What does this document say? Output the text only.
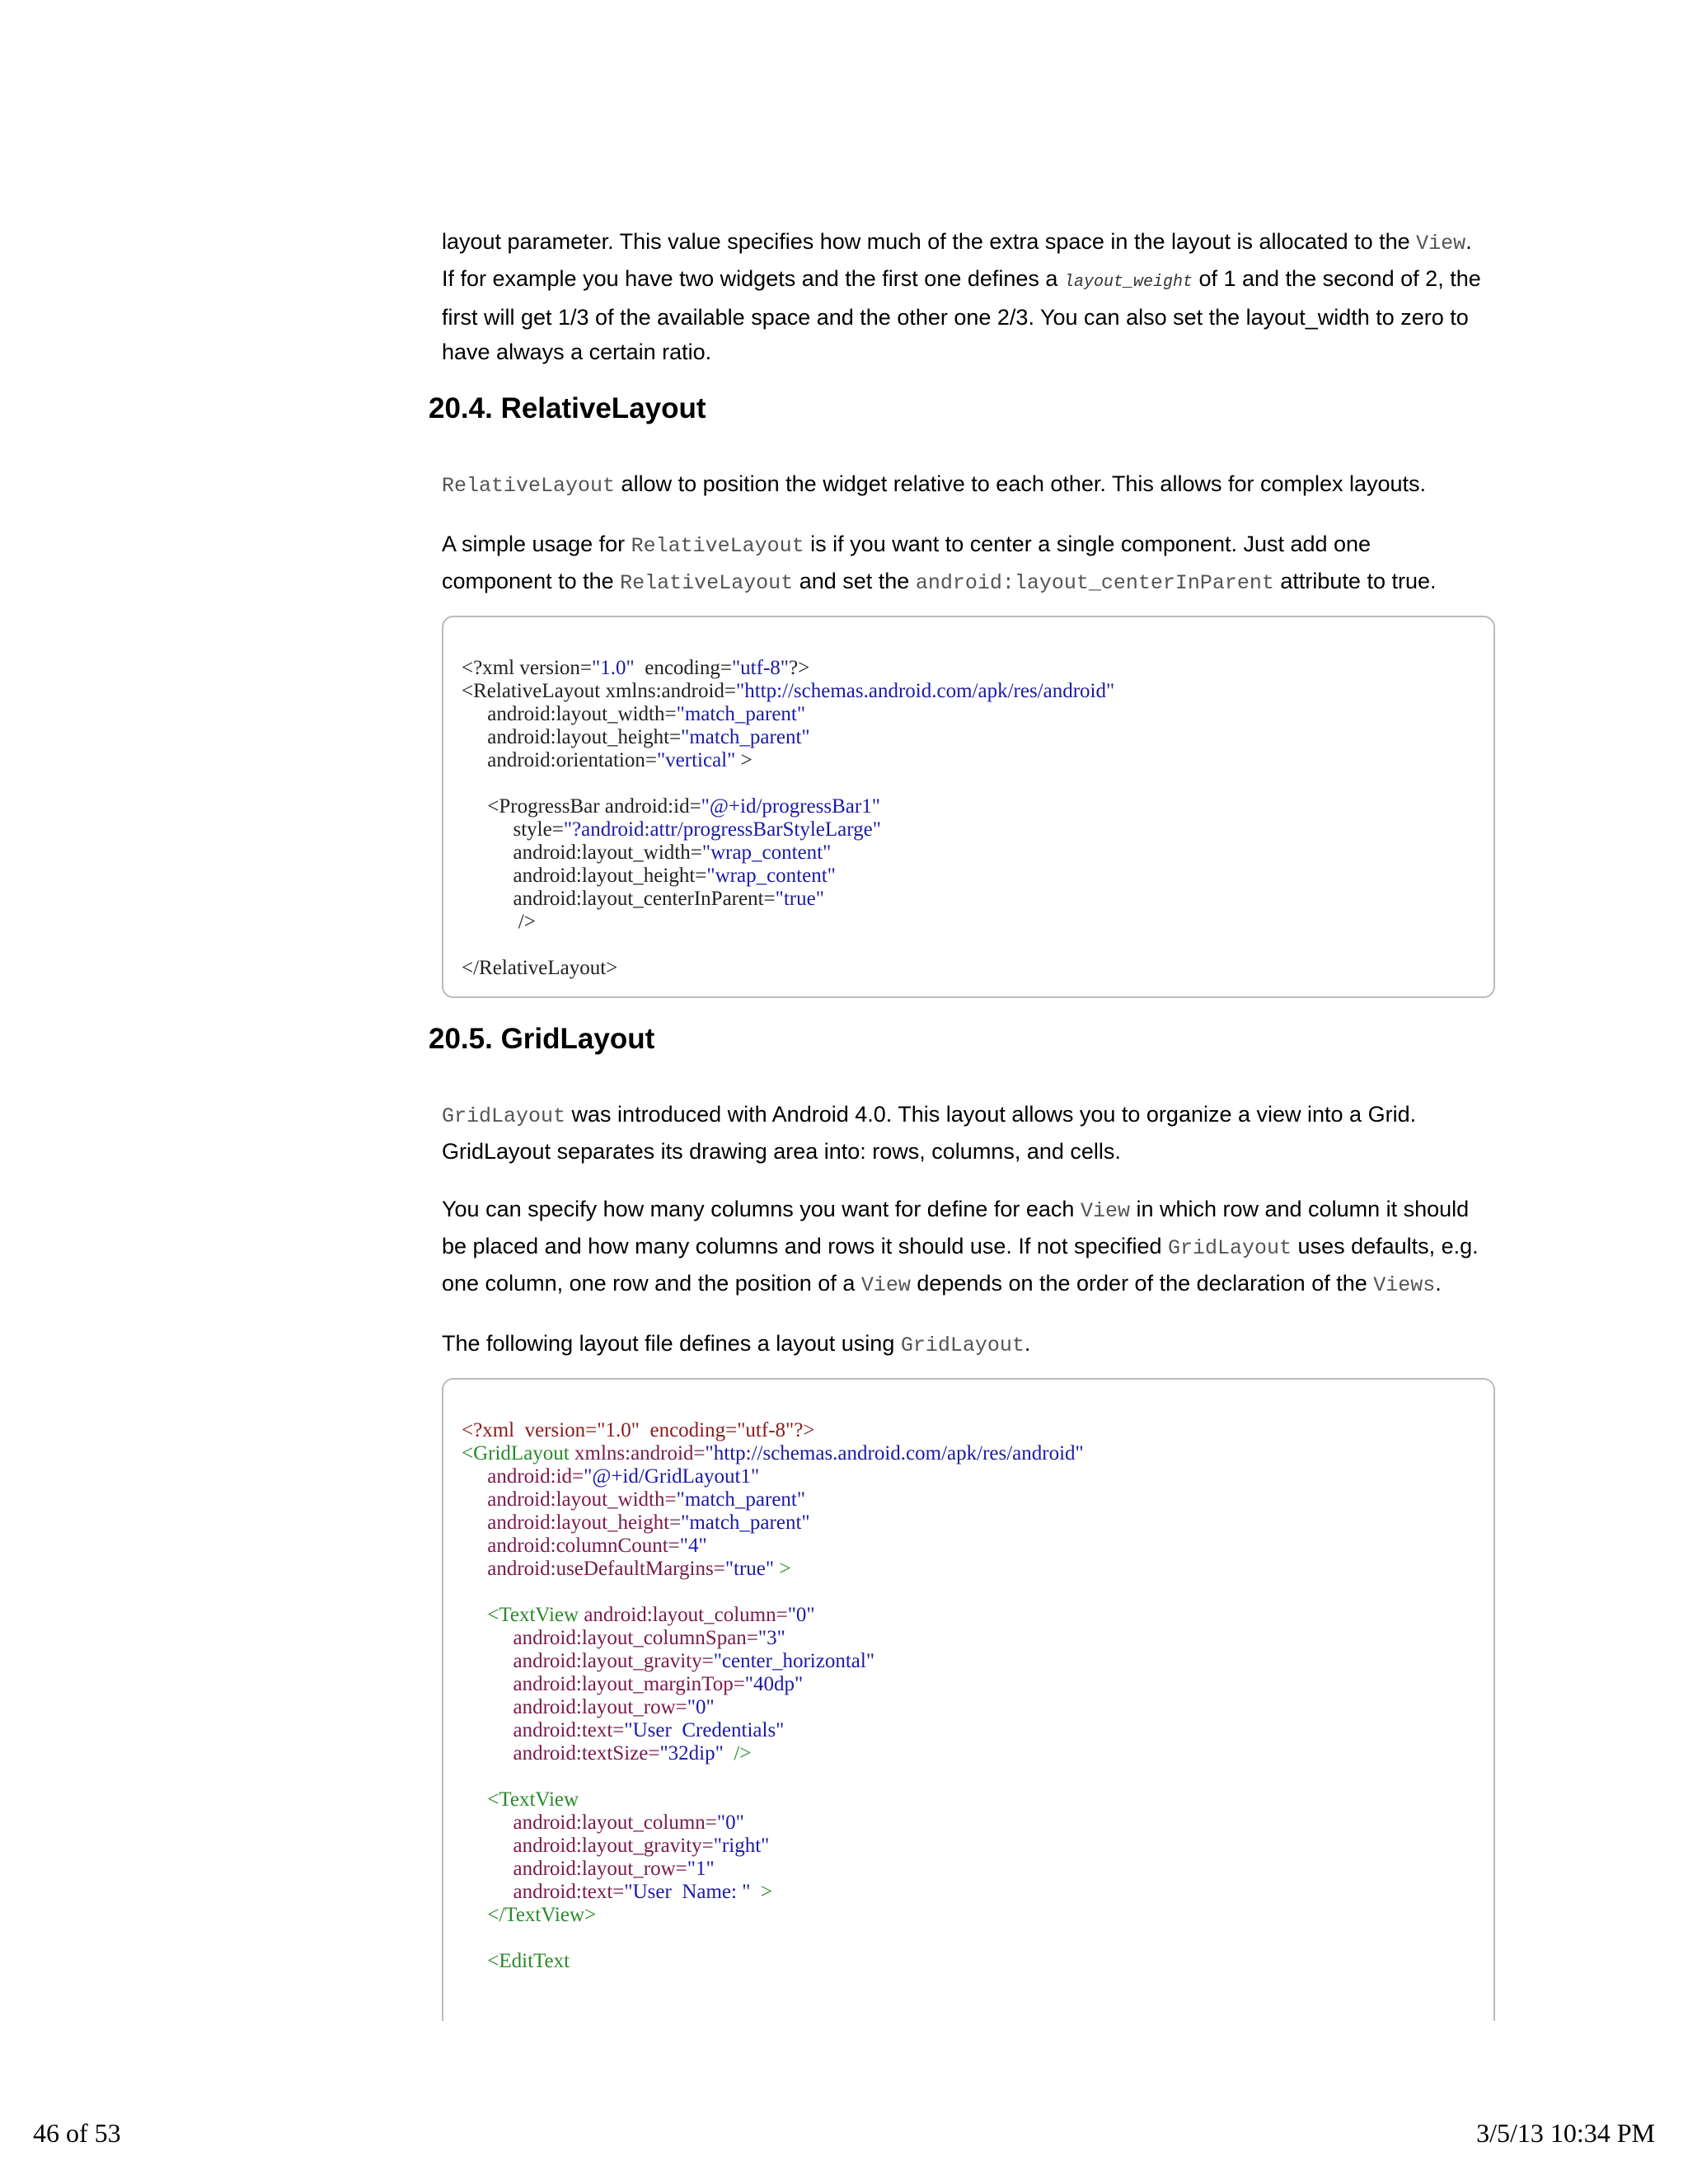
layout parameter. This value specifies how much of the extra space in the layout is allocated to the View. If for example you have two widgets and the first one defines a layout_weight of 1 and the second of 2, the first will get 1/3 of the available space and the other one 2/3. You can also set the layout_width to zero to have always a certain ratio.

20.4. RelativeLayout

RelativeLayout allow to position the widget relative to each other. This allows for complex layouts.

A simple usage for RelativeLayout is if you want to center a single component. Just add one component to the RelativeLayout and set the android:layout_centerInParent attribute to true.

<?xml version="1.0"  encoding="utf-8"?>
<RelativeLayout xmlns:android="http://schemas.android.com/apk/res/android"
android:layout_width="match_parent"
android:layout_height="match_parent"
android:orientation="vertical" >
<ProgressBar android:id="@+id/progressBar1"
style="?android:attr/progressBarStyleLarge"
android:layout_width="wrap_content"
android:layout_height="wrap_content"
android:layout_centerInParent="true"
/>
</RelativeLayout>
20.5. GridLayout

GridLayout was introduced with Android 4.0. This layout allows you to organize a view into a Grid. GridLayout separates its drawing area into: rows, columns, and cells.

You can specify how many columns you want for define for each View in which row and column it should be placed and how many columns and rows it should use. If not specified GridLayout uses defaults, e.g. one column, one row and the position of a View depends on the order of the declaration of the Views.

The following layout file defines a layout using GridLayout.

<?xml  version="1.0"  encoding="utf-8"?>
<GridLayout xmlns:android="http://schemas.android.com/apk/res/android"
android:id="@+id/GridLayout1"
android:layout_width="match_parent"
android:layout_height="match_parent"
android:columnCount="4"
android:useDefaultMargins="true" >
<TextView android:layout_column="0"
android:layout_columnSpan="3"
android:layout_gravity="center_horizontal"
android:layout_marginTop="40dp"
android:layout_row="0"
android:text="User  Credentials"
android:textSize="32dip"  />
<TextView
android:layout_column="0"
android:layout_gravity="right"
android:layout_row="1"
android:text="User  Name: "  >
</TextView>
<EditText
46 of 53	3/5/13 10:34 PM
